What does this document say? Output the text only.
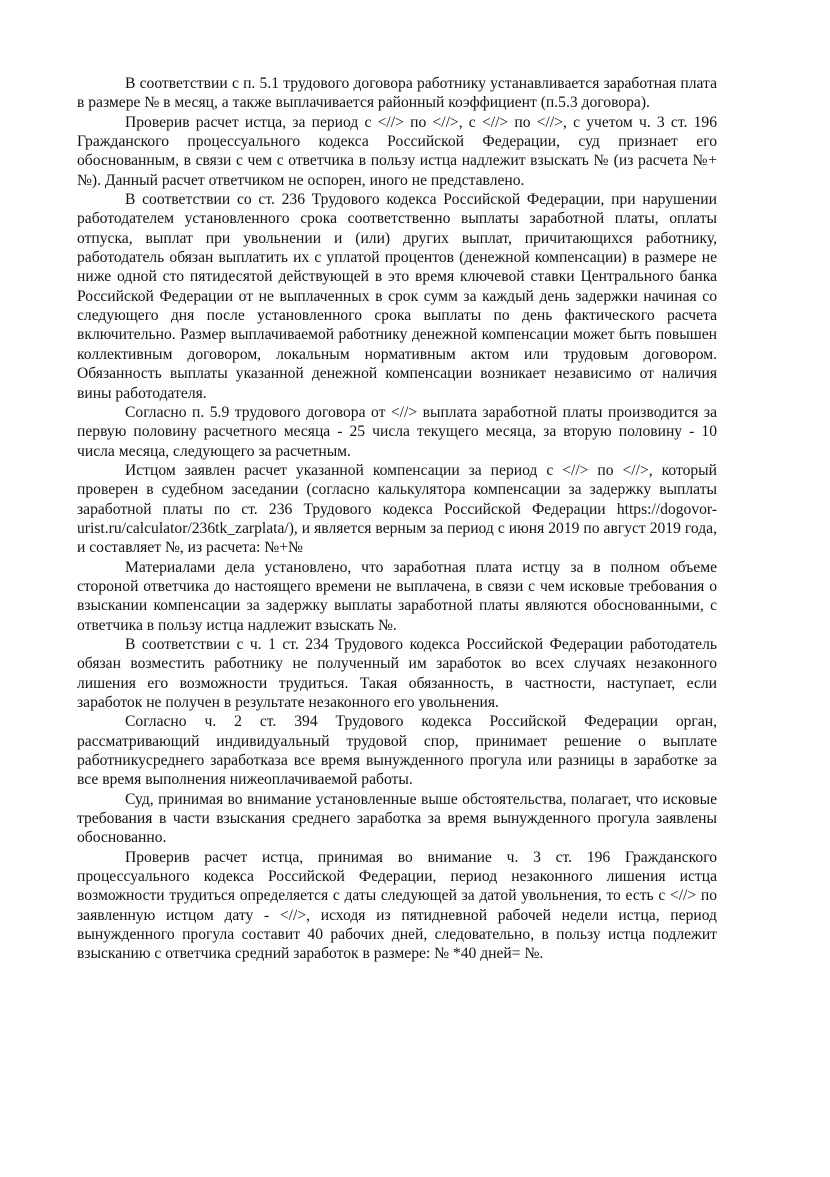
В соответствии с п. 5.1 трудового договора работнику устанавливается заработная плата в размере № в месяц, а также выплачивается районный коэффициент (п.5.3 договора).

Проверив расчет истца, за период с <//> по <//>, с <//> по <//>, с учетом ч. 3 ст. 196 Гражданского процессуального кодекса Российской Федерации, суд признает его обоснованным, в связи с чем с ответчика в пользу истца надлежит взыскать № (из расчета №+№). Данный расчет ответчиком не оспорен, иного не представлено.

В соответствии со ст. 236 Трудового кодекса Российской Федерации, при нарушении работодателем установленного срока соответственно выплаты заработной платы, оплаты отпуска, выплат при увольнении и (или) других выплат, причитающихся работнику, работодатель обязан выплатить их с уплатой процентов (денежной компенсации) в размере не ниже одной сто пятидесятой действующей в это время ключевой ставки Центрального банка Российской Федерации от не выплаченных в срок сумм за каждый день задержки начиная со следующего дня после установленного срока выплаты по день фактического расчета включительно. Размер выплачиваемой работнику денежной компенсации может быть повышен коллективным договором, локальным нормативным актом или трудовым договором. Обязанность выплаты указанной денежной компенсации возникает независимо от наличия вины работодателя.

Согласно п. 5.9 трудового договора от <//> выплата заработной платы производится за первую половину расчетного месяца - 25 числа текущего месяца, за вторую половину - 10 числа месяца, следующего за расчетным.

Истцом заявлен расчет указанной компенсации за период с <//> по <//>, который проверен в судебном заседании (согласно калькулятора компенсации за задержку выплаты заработной платы по ст. 236 Трудового кодекса Российской Федерации https://dogovor-urist.ru/calculator/236tk_zarplata/), и является верным за период с июня 2019 по август 2019 года, и составляет №, из расчета: №+№

Материалами дела установлено, что заработная плата истцу за в полном объеме стороной ответчика до настоящего времени не выплачена, в связи с чем исковые требования о взыскании компенсации за задержку выплаты заработной платы являются обоснованными, с ответчика в пользу истца надлежит взыскать №.

В соответствии с ч. 1 ст. 234 Трудового кодекса Российской Федерации работодатель обязан возместить работнику не полученный им заработок во всех случаях незаконного лишения его возможности трудиться. Такая обязанность, в частности, наступает, если заработок не получен в результате незаконного его увольнения.

Согласно ч. 2 ст. 394 Трудового кодекса Российской Федерации орган, рассматривающий индивидуальный трудовой спор, принимает решение о выплате работникусреднего заработказа все время вынужденного прогула или разницы в заработке за все время выполнения нижеоплачиваемой работы.

Суд, принимая во внимание установленные выше обстоятельства, полагает, что исковые требования в части взыскания среднего заработка за время вынужденного прогула заявлены обоснованно.

Проверив расчет истца, принимая во внимание ч. 3 ст. 196 Гражданского процессуального кодекса Российской Федерации, период незаконного лишения истца возможности трудиться определяется с даты следующей за датой увольнения, то есть с <//> по заявленную истцом дату - <//>, исходя из пятидневной рабочей недели истца, период вынужденного прогула составит 40 рабочих дней, следовательно, в пользу истца подлежит взысканию с ответчика средний заработок в размере: № *40 дней= №.
